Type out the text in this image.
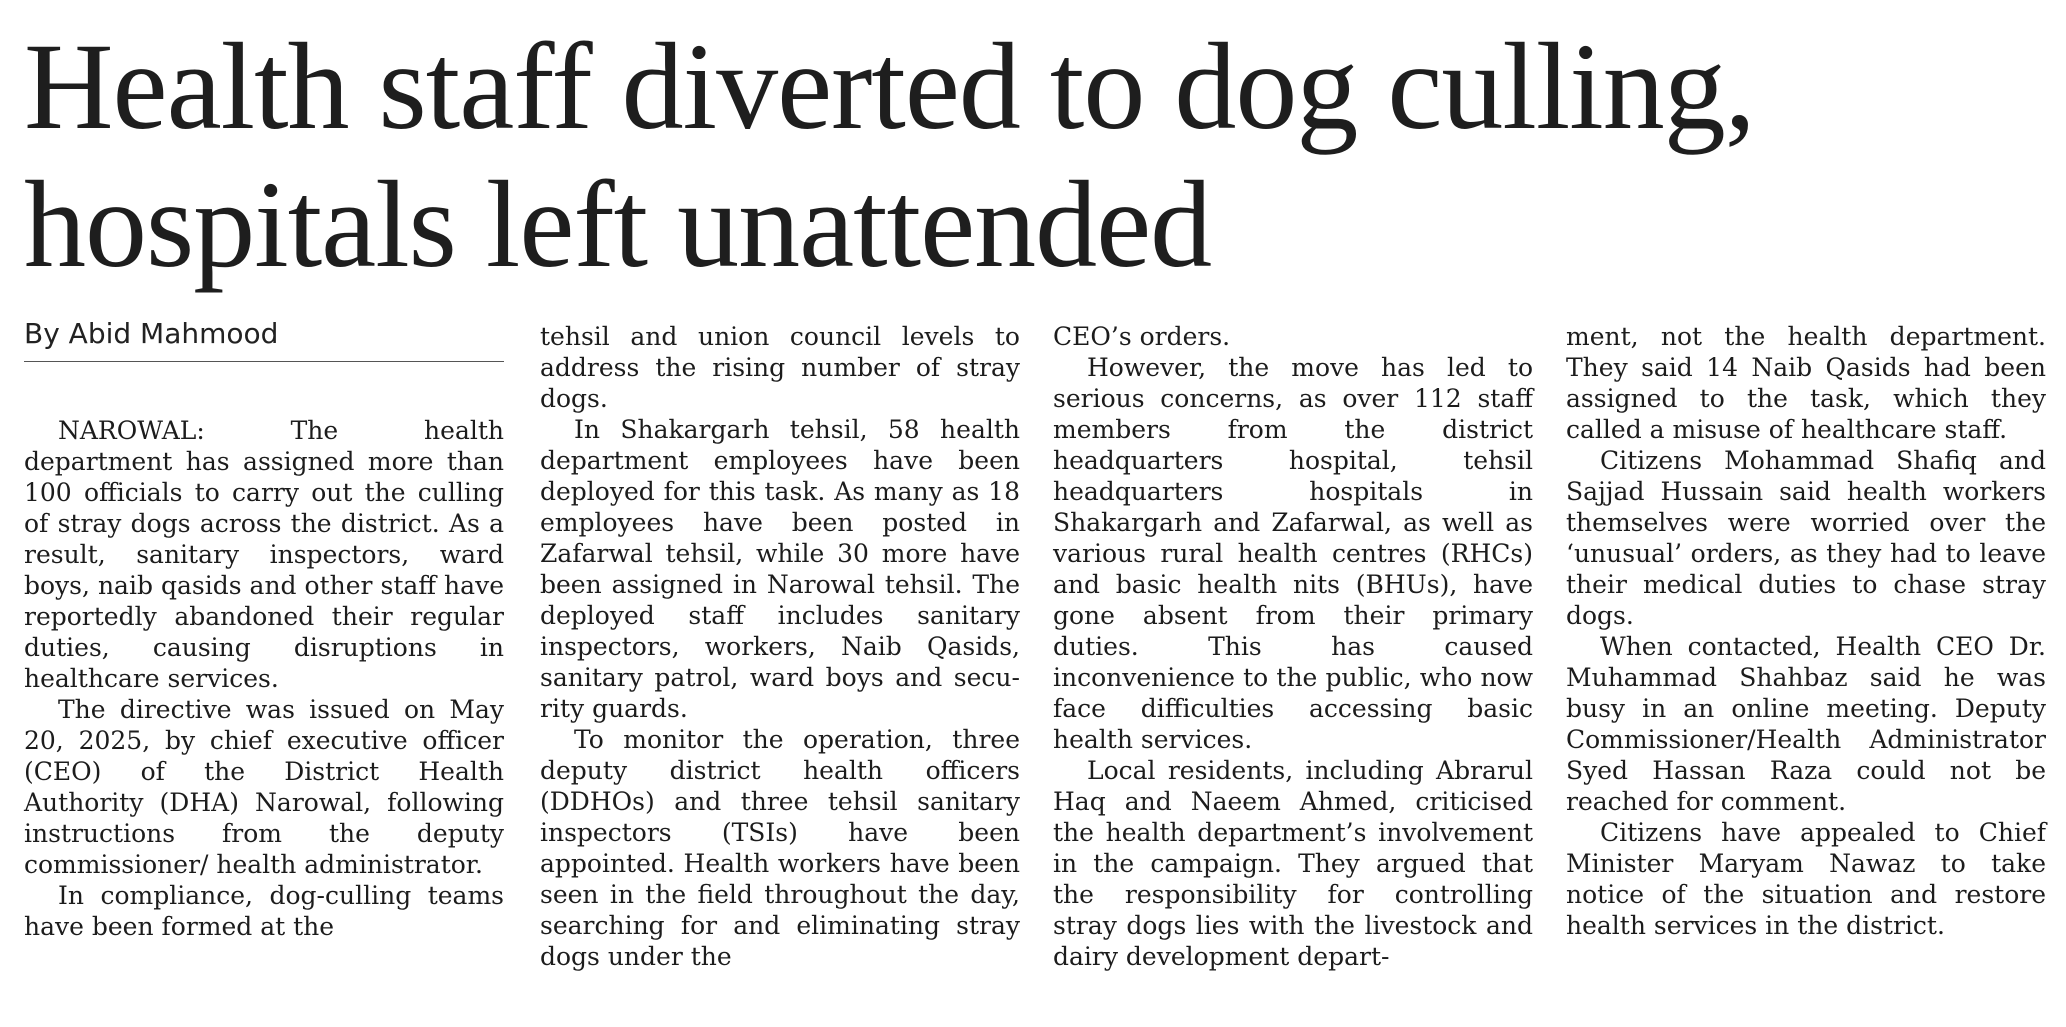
Health staff diverted to dog culling,
hospitals left unattended
By Abid Mahmood

NAROWAL: The health department has assigned more than 100 officials to carry out the culling of stray dogs across the district. As a result, sanitary inspectors, ward boys, naib qasids and other staff have reportedly abandoned their regular duties, causing disruptions in healthcare services.

The directive was issued on May 20, 2025, by chief executive officer (CEO) of the District Health Authority (DHA) Narowal, following instructions from the deputy commissioner/ health administrator.

In compliance, dog-culling teams have been formed at the

tehsil and union council levels to address the rising number of stray dogs.

In Shakargarh tehsil, 58 health department employees have been deployed for this task. As many as 18 employees have been posted in Zafarwal tehsil, while 30 more have been assigned in Narowal tehsil. The deployed staff includes sanitary inspectors, workers, Naib Qasids, sanitary patrol, ward boys and security guards.

To monitor the operation, three deputy district health officers (DDHOs) and three tehsil sanitary inspectors (TSIs) have been appointed. Health workers have been seen in the field throughout the day, searching for and eliminating stray dogs under the

CEO’s orders.

However, the move has led to serious concerns, as over 112 staff members from the district headquarters hospital, tehsil headquarters hospitals in Shakargarh and Zafarwal, as well as various rural health centres (RHCs) and basic health nits (BHUs), have gone absent from their primary duties. This has caused inconvenience to the public, who now face difficulties accessing basic health services.

Local residents, including Abrarul Haq and Naeem Ahmed, criticised the health department’s involvement in the campaign. They argued that the responsibility for controlling stray dogs lies with the livestock and dairy development depart-

ment, not the health department. They said 14 Naib Qasids had been assigned to the task, which they called a misuse of healthcare staff.

Citizens Mohammad Shafiq and Sajjad Hussain said health workers themselves were worried over the ‘unusual’ orders, as they had to leave their medical duties to chase stray dogs.

When contacted, Health CEO Dr. Muhammad Shahbaz said he was busy in an online meeting. Deputy Commissioner/Health Administrator Syed Hassan Raza could not be reached for comment.

Citizens have appealed to Chief Minister Maryam Nawaz to take notice of the situation and restore health services in the district.
